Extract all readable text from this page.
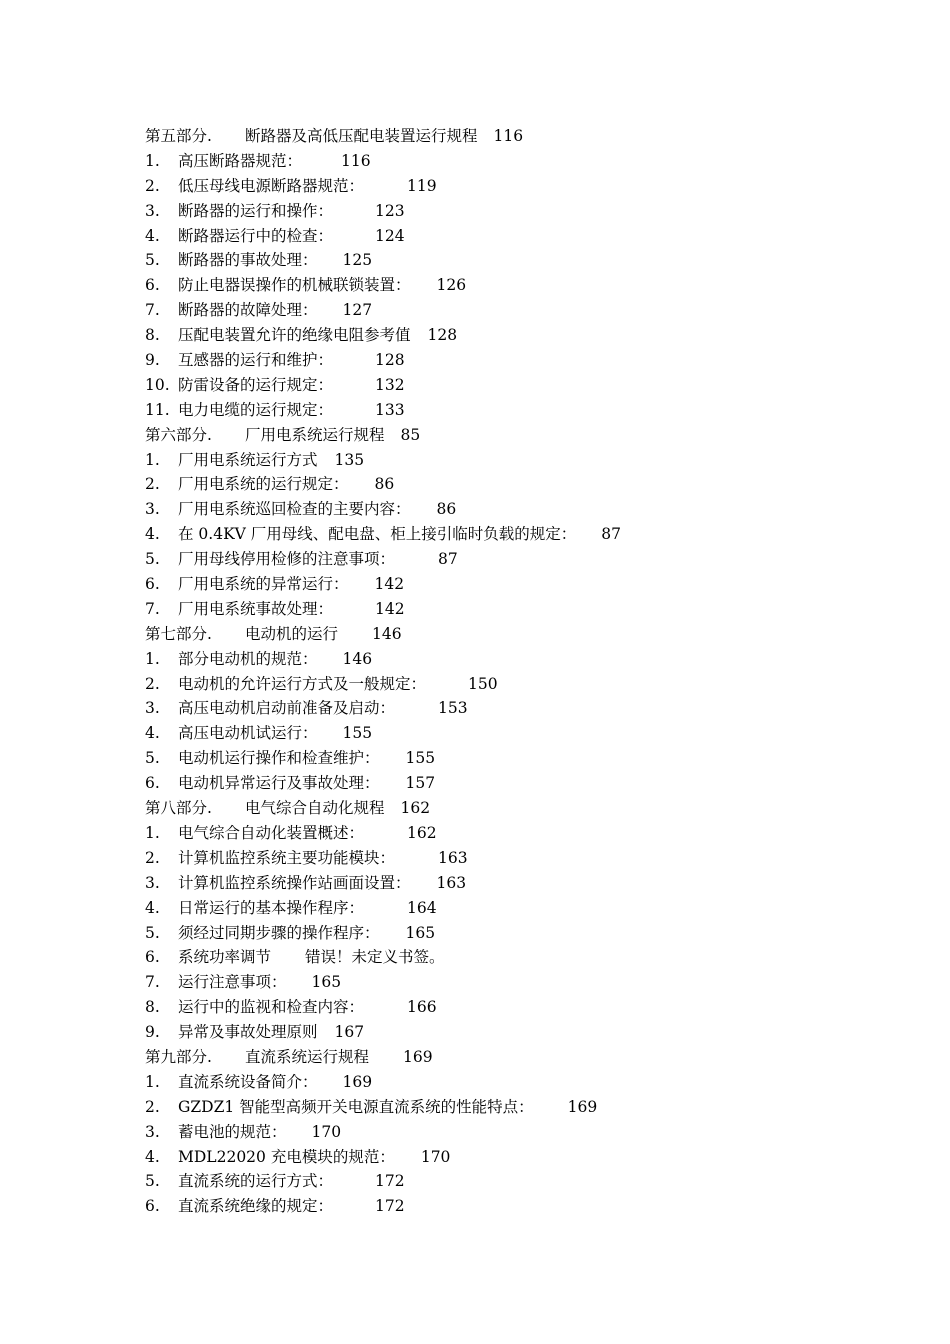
第五部分. 断路器及高低压配电装置运行规程 116
1. 高压断路器规范：	116
2. 低压母线电源断路器规范：	119
3. 断路器的运行和操作：	123
4. 断路器运行中的检查：	124
5. 断路器的事故处理： 125
6. 防止电器误操作的机械联锁装置： 126
7. 断路器的故障处理： 127
8. 压配电装置允许的绝缘电阻参考值 128
9. 互感器的运行和维护：	128
10. 防雷设备的运行规定：	132
11. 电力电缆的运行规定：	133
第六部分. 厂用电系统运行规程 85
1. 厂用电系统运行方式 135
2. 厂用电系统的运行规定： 86
3. 厂用电系统巡回检查的主要内容： 86
4. 在 0.4KV 厂用母线、配电盘、柜上接引临时负载的规定： 87
5. 厂用母线停用检修的注意事项：	87
6. 厂用电系统的异常运行： 142
7. 厂用电系统事故处理：	142
第七部分. 电动机的运行 146
1. 部分电动机的规范： 146
2. 电动机的允许运行方式及一般规定：	150
3. 高压电动机启动前准备及启动：	153
4. 高压电动机试运行： 155
5. 电动机运行操作和检查维护： 155
6. 电动机异常运行及事故处理： 157
第八部分. 电气综合自动化规程 162
1. 电气综合自动化装置概述：	162
2. 计算机监控系统主要功能模块：	163
3. 计算机监控系统操作站画面设置： 163
4. 日常运行的基本操作程序：	164
5. 须经过同期步骤的操作程序： 165
6. 系统功率调节 错误！未定义书签。
7. 运行注意事项： 165
8. 运行中的监视和检查内容：	166
9. 异常及事故处理原则 167
第九部分. 直流系统运行规程 169
1. 直流系统设备简介： 169
2. GZDZ1 智能型高频开关电源直流系统的性能特点： 169
3. 蓄电池的规范： 170
4. MDL22020 充电模块的规范： 170
5. 直流系统的运行方式：	172
6. 直流系统绝缘的规定：	172
